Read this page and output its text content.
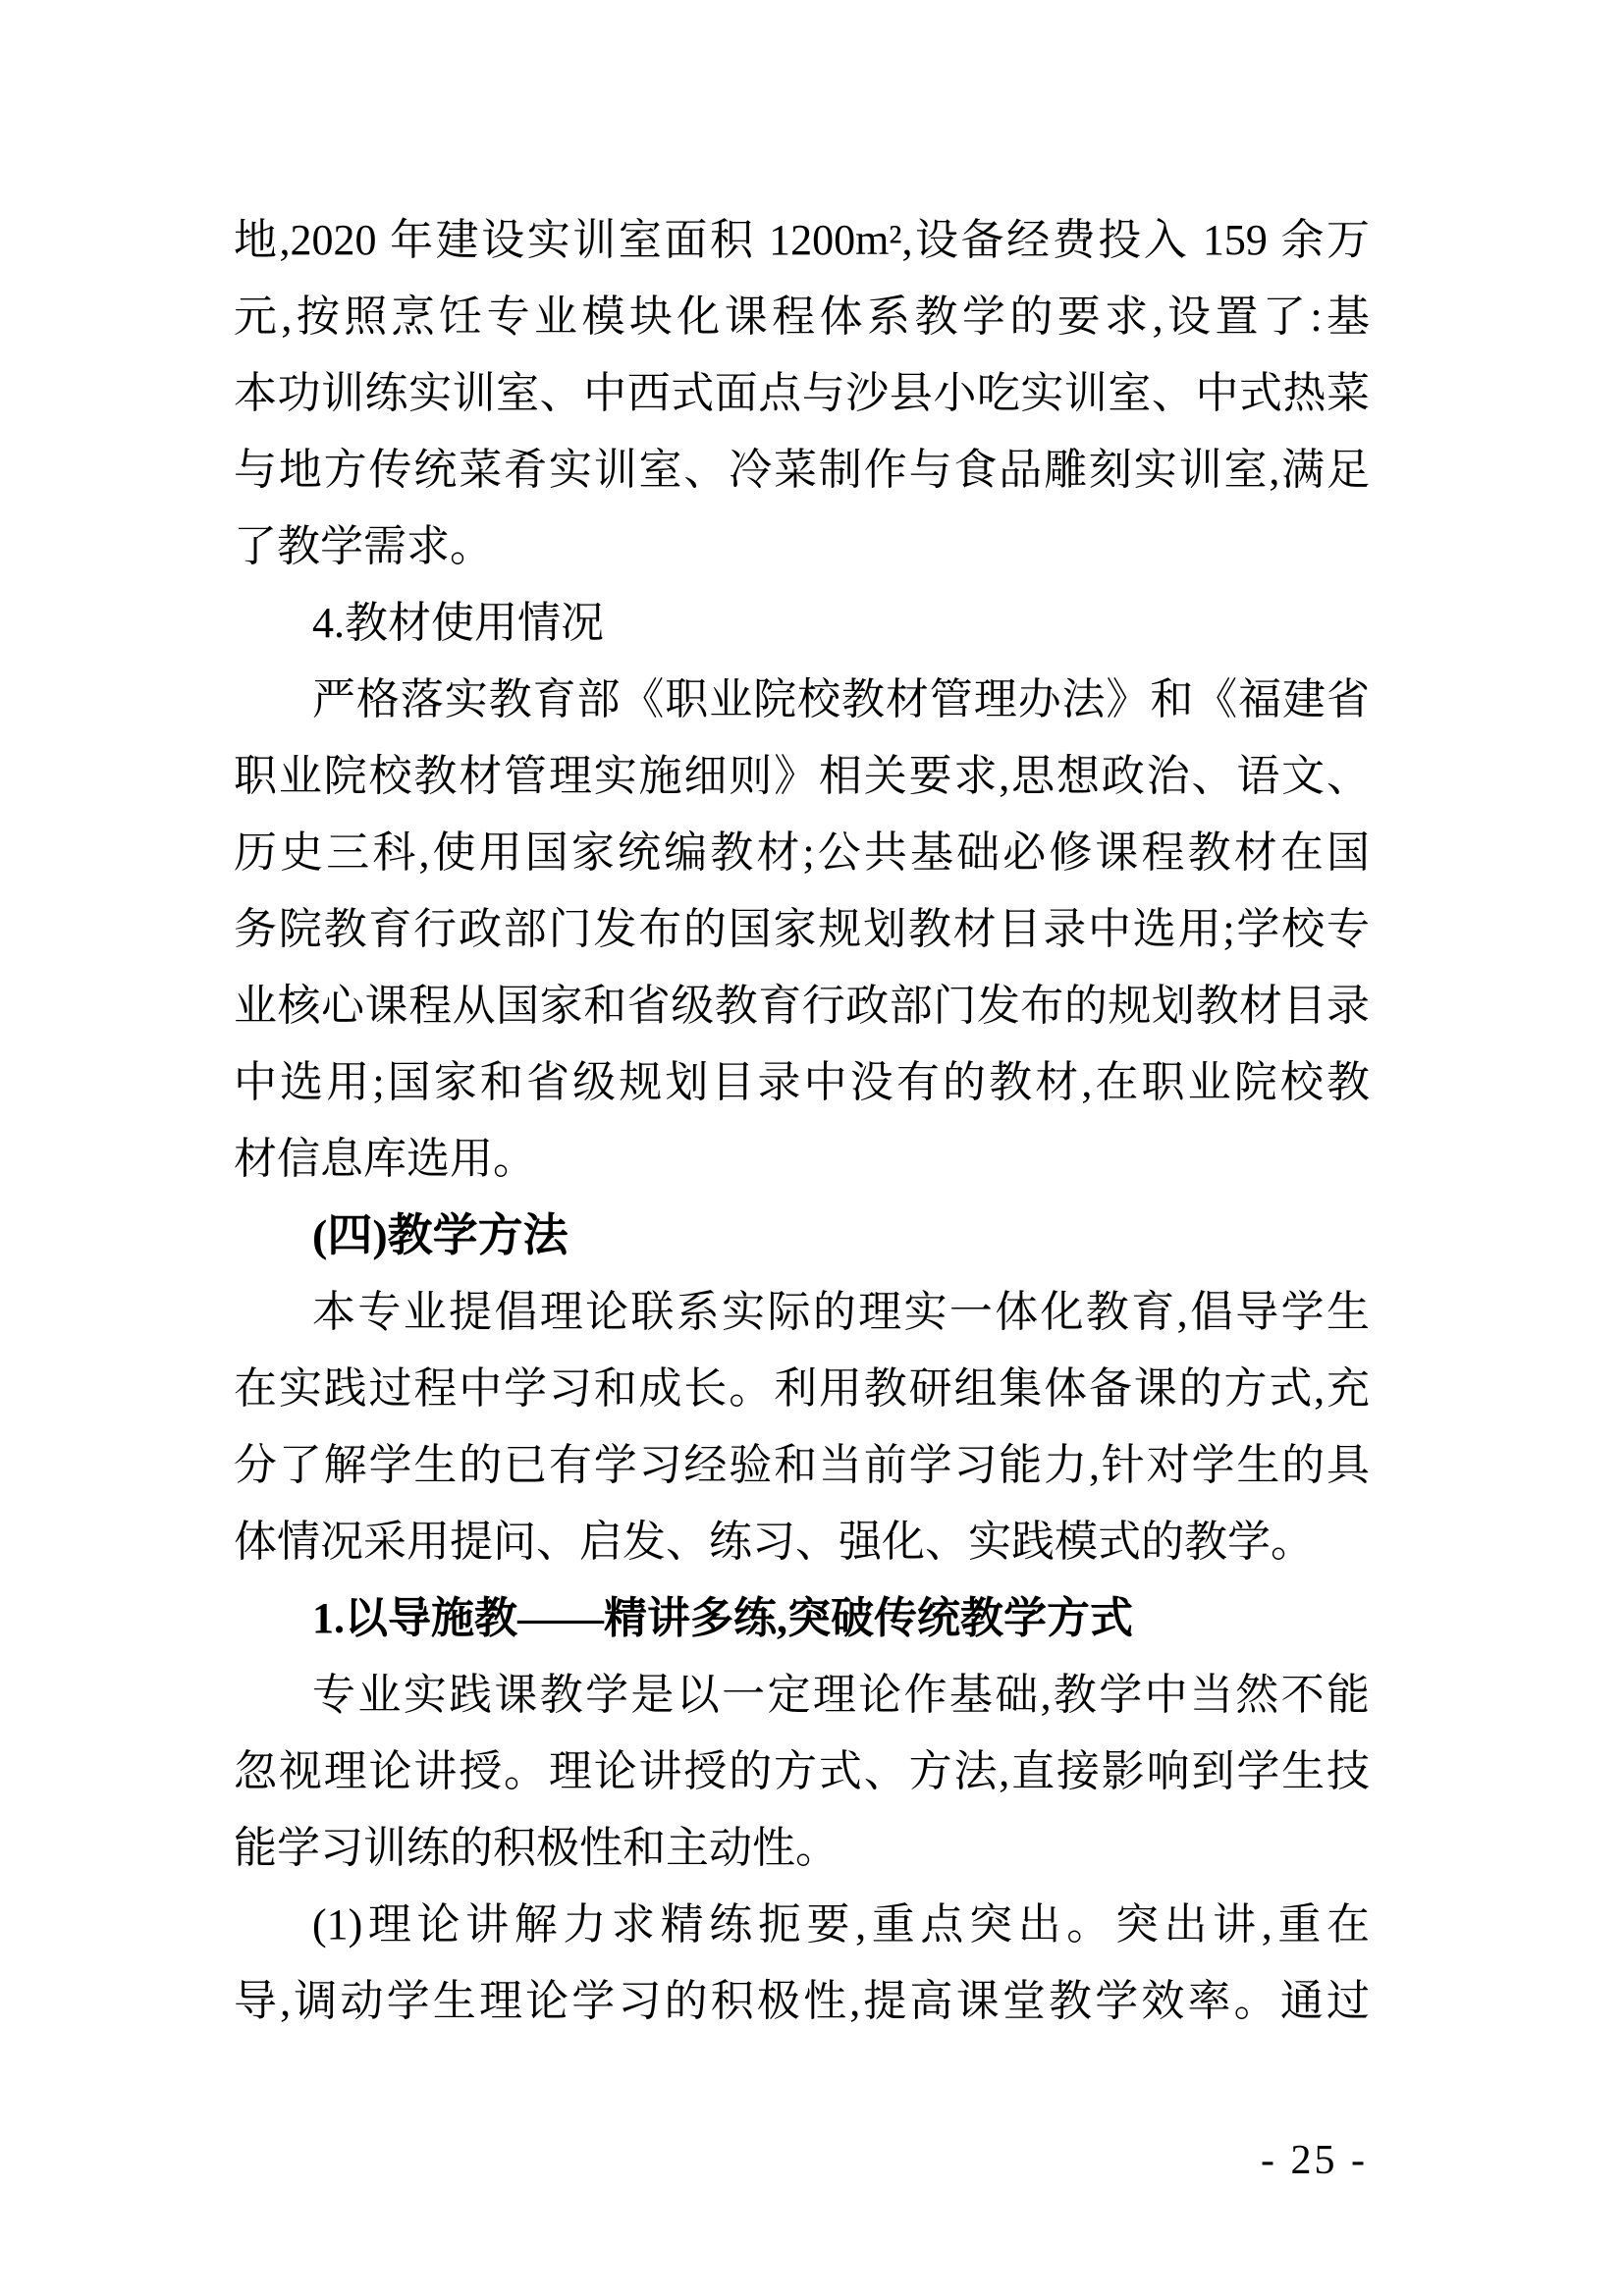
地,2020 年建设实训室面积 1200m²,设备经费投入 159 余万
元,按照烹饪专业模块化课程体系教学的要求,设置了:基
本功训练实训室、中西式面点与沙县小吃实训室、中式热菜
与地方传统菜肴实训室、冷菜制作与食品雕刻实训室,满足
了教学需求。
4.教材使用情况
严格落实教育部《职业院校教材管理办法》和《福建省
职业院校教材管理实施细则》相关要求,思想政治、语文、
历史三科,使用国家统编教材;公共基础必修课程教材在国
务院教育行政部门发布的国家规划教材目录中选用;学校专
业核心课程从国家和省级教育行政部门发布的规划教材目录
中选用;国家和省级规划目录中没有的教材,在职业院校教
材信息库选用。
(四)教学方法
本专业提倡理论联系实际的理实一体化教育,倡导学生
在实践过程中学习和成长。利用教研组集体备课的方式,充
分了解学生的已有学习经验和当前学习能力,针对学生的具
体情况采用提问、启发、练习、强化、实践模式的教学。
1.以导施教——精讲多练,突破传统教学方式
专业实践课教学是以一定理论作基础,教学中当然不能
忽视理论讲授。理论讲授的方式、方法,直接影响到学生技
能学习训练的积极性和主动性。
(1)理论讲解力求精练扼要,重点突出。突出讲,重在
导,调动学生理论学习的积极性,提高课堂教学效率。通过
- 25 -
